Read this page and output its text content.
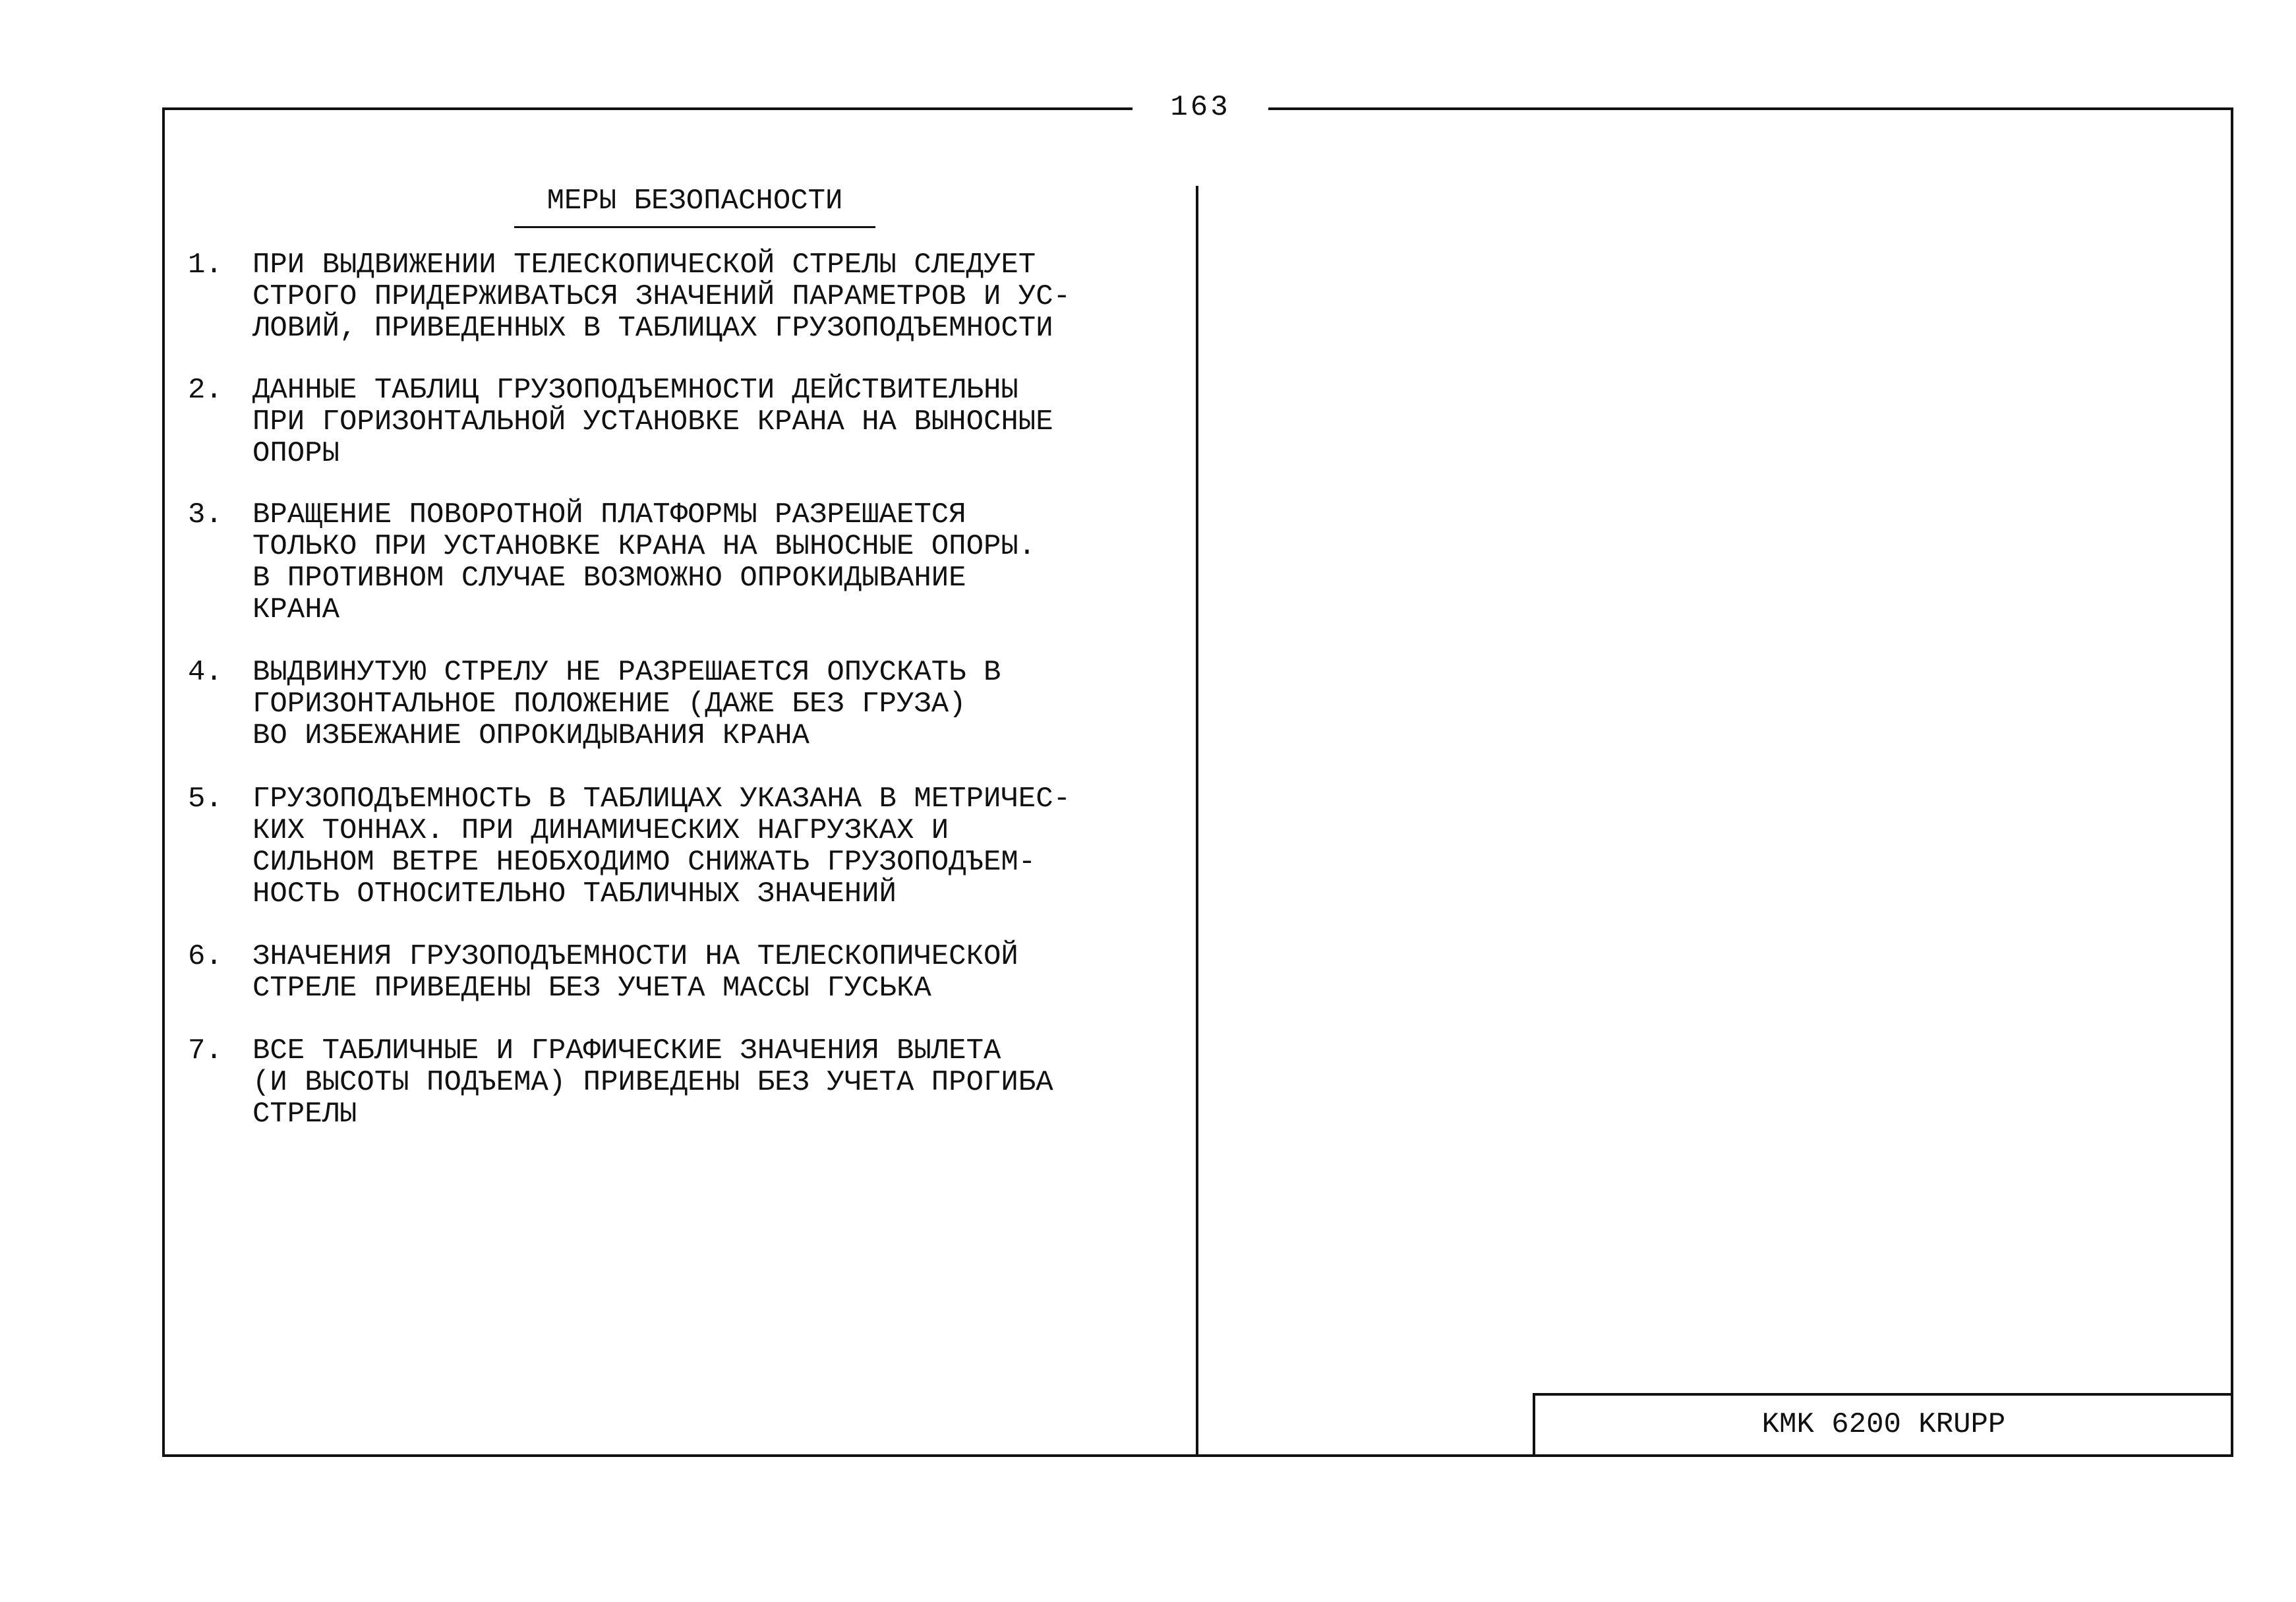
163
МЕРЫ БЕЗОПАСНОСТИ
1.	ПРИ ВЫДВИЖЕНИИ ТЕЛЕСКОПИЧЕСКОЙ СТРЕЛЫ СЛЕДУЕТ
СТРОГО ПРИДЕРЖИВАТЬСЯ ЗНАЧЕНИЙ ПАРАМЕТРОВ И УС-
ЛОВИЙ, ПРИВЕДЕННЫХ В ТАБЛИЦАХ ГРУЗОПОДЪЕМНОСТИ
2.	ДАННЫЕ ТАБЛИЦ ГРУЗОПОДЪЕМНОСТИ ДЕЙСТВИТЕЛЬНЫ
ПРИ ГОРИЗОНТАЛЬНОЙ УСТАНОВКЕ КРАНА НА ВЫНОСНЫЕ
ОПОРЫ
3.	ВРАЩЕНИЕ ПОВОРОТНОЙ ПЛАТФОРМЫ РАЗРЕШАЕТСЯ
ТОЛЬКО ПРИ УСТАНОВКЕ КРАНА НА ВЫНОСНЫЕ ОПОРЫ.
В ПРОТИВНОМ СЛУЧАЕ ВОЗМОЖНО ОПРОКИДЫВАНИЕ
КРАНА
4.	ВЫДВИНУТУЮ СТРЕЛУ НЕ РАЗРЕШАЕТСЯ ОПУСКАТЬ В
ГОРИЗОНТАЛЬНОЕ ПОЛОЖЕНИЕ (ДАЖЕ БЕЗ ГРУЗА)
ВО ИЗБЕЖАНИЕ ОПРОКИДЫВАНИЯ КРАНА
5.	ГРУЗОПОДЪЕМНОСТЬ В ТАБЛИЦАХ УКАЗАНА В МЕТРИЧЕС-
КИХ ТОННАХ. ПРИ ДИНАМИЧЕСКИХ НАГРУЗКАХ И
СИЛЬНОМ ВЕТРЕ НЕОБХОДИМО СНИЖАТЬ ГРУЗОПОДЪЕМ-
НОСТЬ ОТНОСИТЕЛЬНО ТАБЛИЧНЫХ ЗНАЧЕНИЙ
6.	ЗНАЧЕНИЯ ГРУЗОПОДЪЕМНОСТИ НА ТЕЛЕСКОПИЧЕСКОЙ
СТРЕЛЕ ПРИВЕДЕНЫ БЕЗ УЧЕТА МАССЫ ГУСЬКА
7.	ВСЕ ТАБЛИЧНЫЕ И ГРАФИЧЕСКИЕ ЗНАЧЕНИЯ ВЫЛЕТА
(И ВЫСОТЫ ПОДЪЕМА) ПРИВЕДЕНЫ БЕЗ УЧЕТА ПРОГИБА
СТРЕЛЫ
KMK 6200 KRUPP
